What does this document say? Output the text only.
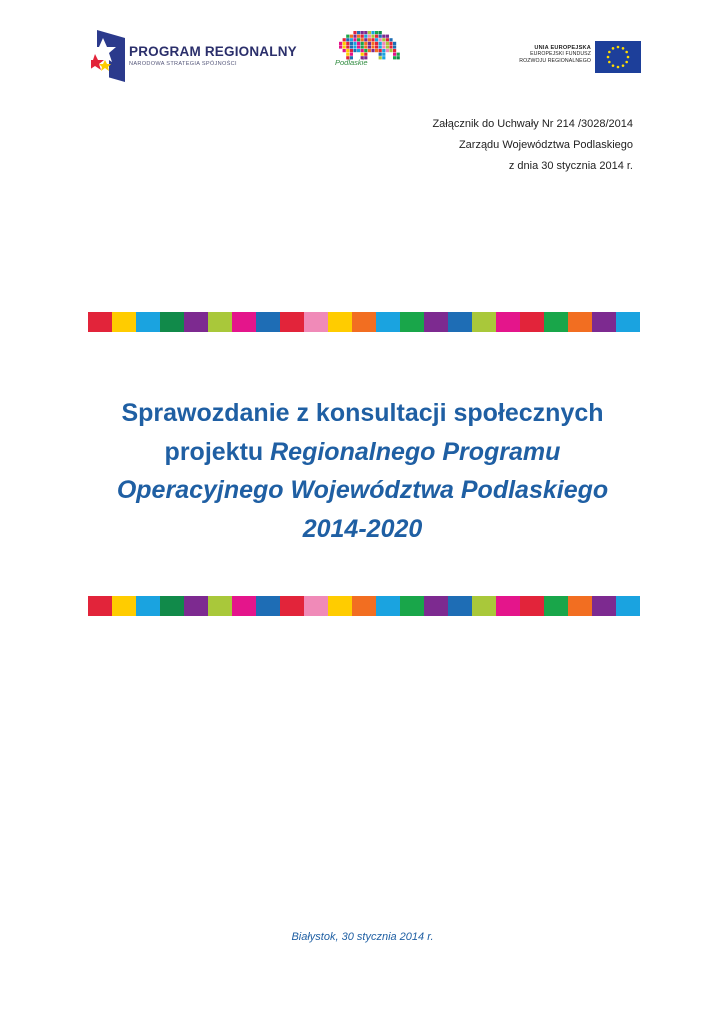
PROGRAM REGIONALNY
NARODOWA STRATEGIA SPÓJNOŚCI	Podlaskie
UNIA EUROPEJSKA
EUROPEJSKI FUNDUSZ
ROZWOJU REGIONALNEGO
Załącznik do Uchwały Nr 214 /3028/2014
Zarządu Województwa Podlaskiego
z dnia 30 stycznia 2014 r.
Sprawozdanie z konsultacji społecznych
projektu Regionalnego Programu
Operacyjnego Województwa Podlaskiego
2014-2020
Białystok, 30 stycznia 2014 r.
